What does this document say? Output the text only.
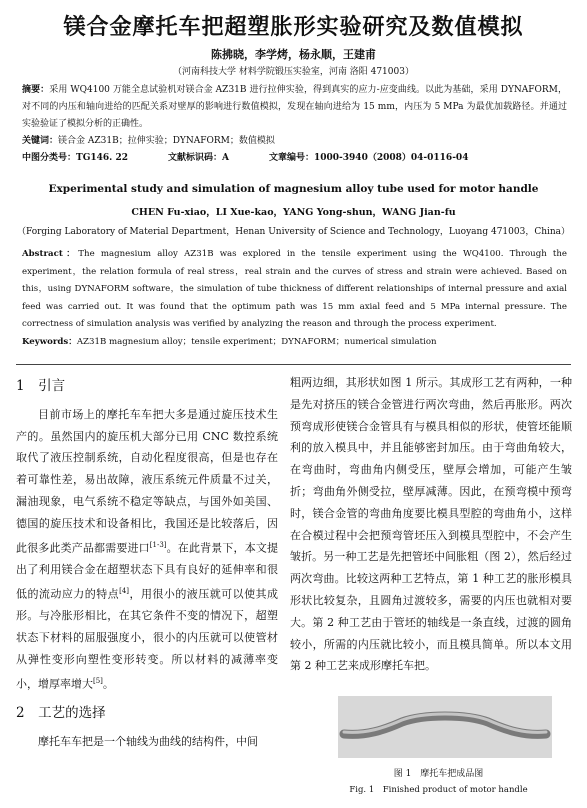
镁合金摩托车把超塑胀形实验研究及数值模拟
陈拂晓，李学烤，杨永顺，王建甫
（河南科技大学 材料学院锻压实验室，河南 洛阳 471003）
摘要：采用 WQ4100 万能全息试验机对镁合金 AZ31B 进行拉伸实验，得到真实的应力-应变曲线。以此为基础，采用 DYNAFORM，对不同的内压和轴向进给的匹配关系对壁厚的影响进行数值模拟，发现在轴向进给为 15 mm，内压为 5 MPa 为最优加载路径。并通过实验验证了模拟分析的正确性。
关键词：镁合金 AZ31B；拉伸实验；DYNAFORM；数值模拟
中图分类号：TG146. 22	文献标识码：A	文章编号：1000-3940（2008）04-0116-04
Experimental study and simulation of magnesium alloy tube used for motor handle
CHEN Fu-xiao，LI Xue-kao，YANG Yong-shun，WANG Jian-fu
（Forging Laboratory of Material Department，Henan University of Science and Technology，Luoyang 471003，China）
Abstract：The magnesium alloy AZ31B was explored in the tensile experiment using the WQ4100. Through the experiment，the relation formula of real stress，real strain and the curves of stress and strain were achieved. Based on this，using DYNAFORM software，the simulation of tube thickness of different relationships of internal pressure and axial feed was carried out. It was found that the optimum path was 15 mm axial feed and 5 MPa internal pressure. The correctness of simulation analysis was verified by analyzing the reason and through the process experiment.
Keywords：AZ31B magnesium alloy；tensile experiment；DYNAFORM；numerical simulation
1　引言

目前市场上的摩托车车把大多是通过旋压技术生产的。虽然国内的旋压机大部分已用 CNC 数控系统取代了液压控制系统，自动化程度很高，但是也存在着可靠性差，易出故障，液压系统元件质量不过关，漏油现象，电气系统不稳定等缺点，与国外如美国、德国的旋压技术和设备相比，我国还是比较落后，因此很多此类产品都需要进口[1-3]。在此背景下，本文提出了利用镁合金在超塑状态下具有良好的延伸率和很低的流动应力的特点[4]，用很小的液压就可以使其成形。与冷胀形相比，在其它条件不变的情况下，超塑状态下材料的屈服强度小，很小的内压就可以使管材从弹性变形向塑性变形转变。所以材料的减薄率变小，增厚率增大[5]。

2　工艺的选择

摩托车车把是一个轴线为曲线的结构件，中间

粗两边细，其形状如图 1 所示。其成形工艺有两种，一种是先对挤压的镁合金管进行两次弯曲，然后再胀形。两次预弯成形使镁合金管具有与模具相似的形状，使管坯能顺利的放入模具中，并且能够密封加压。由于弯曲角较大，在弯曲时，弯曲角内侧受压，壁厚会增加，可能产生皱折；弯曲角外侧受拉，壁厚减薄。因此，在预弯模中预弯时，镁合金管的弯曲角度要比模具型腔的弯曲角小，这样在合模过程中会把预弯管坯压入到模具型腔中，不会产生皱折。另一种工艺是先把管坯中间胀粗（图 2），然后经过两次弯曲。比较这两种工艺特点，第 1 种工艺的胀形模具形状比较复杂，且圆角过渡较多，需要的内压也就相对要大。第 2 种工艺由于管坯的轴线是一条直线，过渡的圆角较小，所需的内压就比较小，而且模具简单。所以本文用第 2 种工艺来成形摩托车把。

图 1　摩托车把成品图
Fig. 1　Finished product of motor handle
